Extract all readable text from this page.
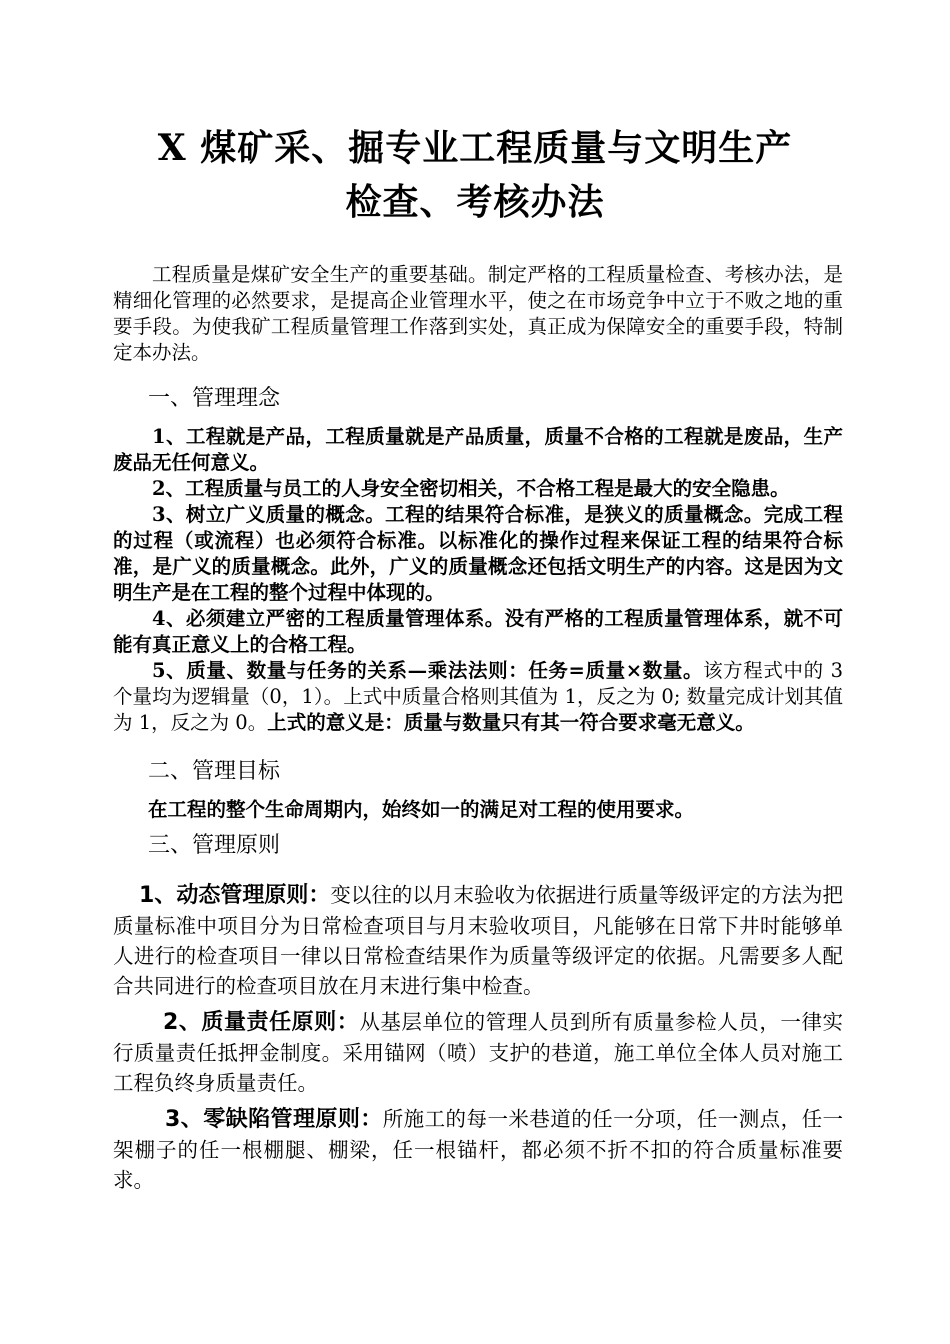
X 煤矿采、掘专业工程质量与文明生产
检查、考核办法

工程质量是煤矿安全生产的重要基础。制定严格的工程质量检查、考核办法，是精细化管理的必然要求，是提高企业管理水平，使之在市场竞争中立于不败之地的重要手段。为使我矿工程质量管理工作落到实处，真正成为保障安全的重要手段，特制定本办法。

一、管理理念

1、工程就是产品，工程质量就是产品质量，质量不合格的工程就是废品，生产废品无任何意义。

2、工程质量与员工的人身安全密切相关，不合格工程是最大的安全隐患。

3、树立广义质量的概念。工程的结果符合标准，是狭义的质量概念。完成工程的过程（或流程）也必须符合标准。以标准化的操作过程来保证工程的结果符合标准，是广义的质量概念。此外，广义的质量概念还包括文明生产的内容。这是因为文明生产是在工程的整个过程中体现的。

4、必须建立严密的工程质量管理体系。没有严格的工程质量管理体系，就不可能有真正意义上的合格工程。

5、质量、数量与任务的关系—乘法法则：任务=质量×数量。该方程式中的 3 个量均为逻辑量（0，1）。上式中质量合格则其值为 1，反之为 0; 数量完成计划其值为 1，反之为 0。上式的意义是：质量与数量只有其一符合要求毫无意义。

二、管理目标

在工程的整个生命周期内，始终如一的满足对工程的使用要求。

三、管理原则

1、动态管理原则：变以往的以月末验收为依据进行质量等级评定的方法为把质量标准中项目分为日常检查项目与月末验收项目，凡能够在日常下井时能够单人进行的检查项目一律以日常检查结果作为质量等级评定的依据。凡需要多人配合共同进行的检查项目放在月末进行集中检查。

2、质量责任原则：从基层单位的管理人员到所有质量参检人员，一律实行质量责任抵押金制度。采用锚网（喷）支护的巷道，施工单位全体人员对施工工程负终身质量责任。

3、零缺陷管理原则：所施工的每一米巷道的任一分项，任一测点，任一架棚子的任一根棚腿、棚梁，任一根锚杆，都必须不折不扣的符合质量标准要求。
